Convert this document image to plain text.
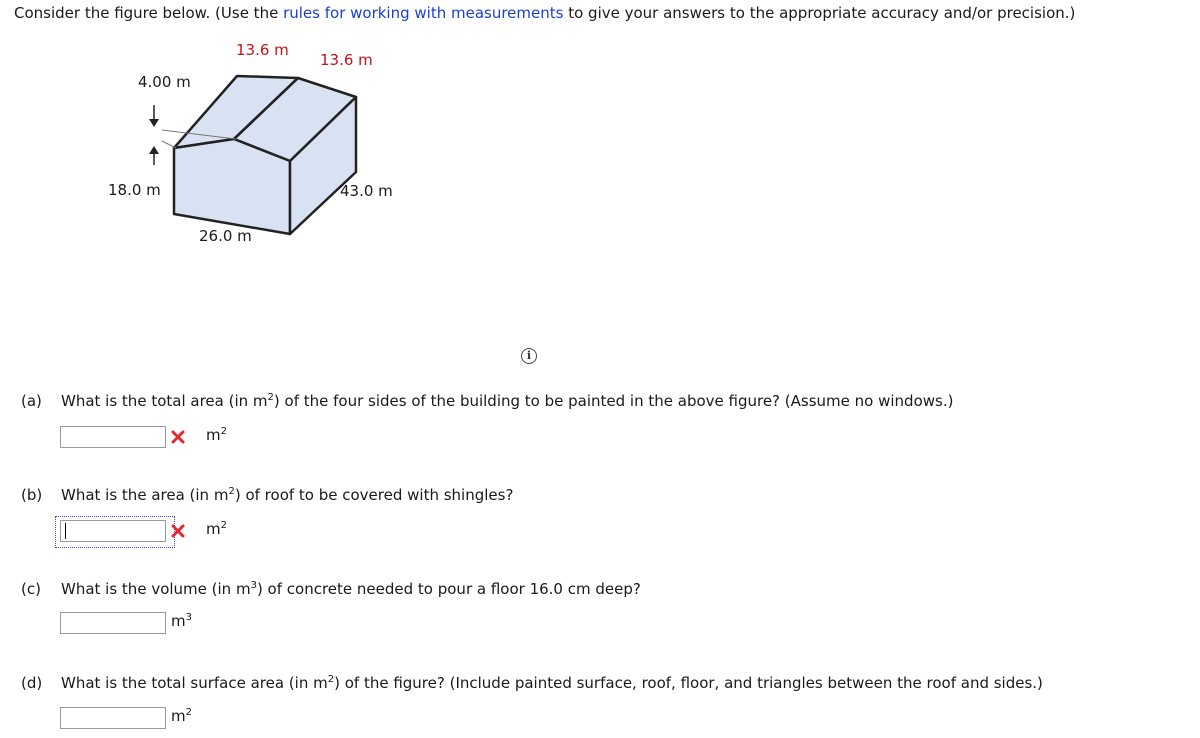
Consider the figure below. (Use the rules for working with measurements to give your answers to the appropriate accuracy and/or precision.)
13.6 m
13.6 m
4.00 m
18.0 m	43.0 m
26.0 m
i
(a) What is the total area (in $m^2$) of the four sides of the building to be painted in the above figure? (Assume no windows.)
$m^2$
(b) What is the area (in $m^2$) of roof to be covered with shingles?
$m^2$
(c) What is the volume (in $m^3$) of concrete needed to pour a floor 16.0 cm deep?
$m^3$
(d) What is the total surface area (in $m^2$) of the figure? (Include painted surface, roof, floor, and triangles between the roof and sides.)
$m^2$
